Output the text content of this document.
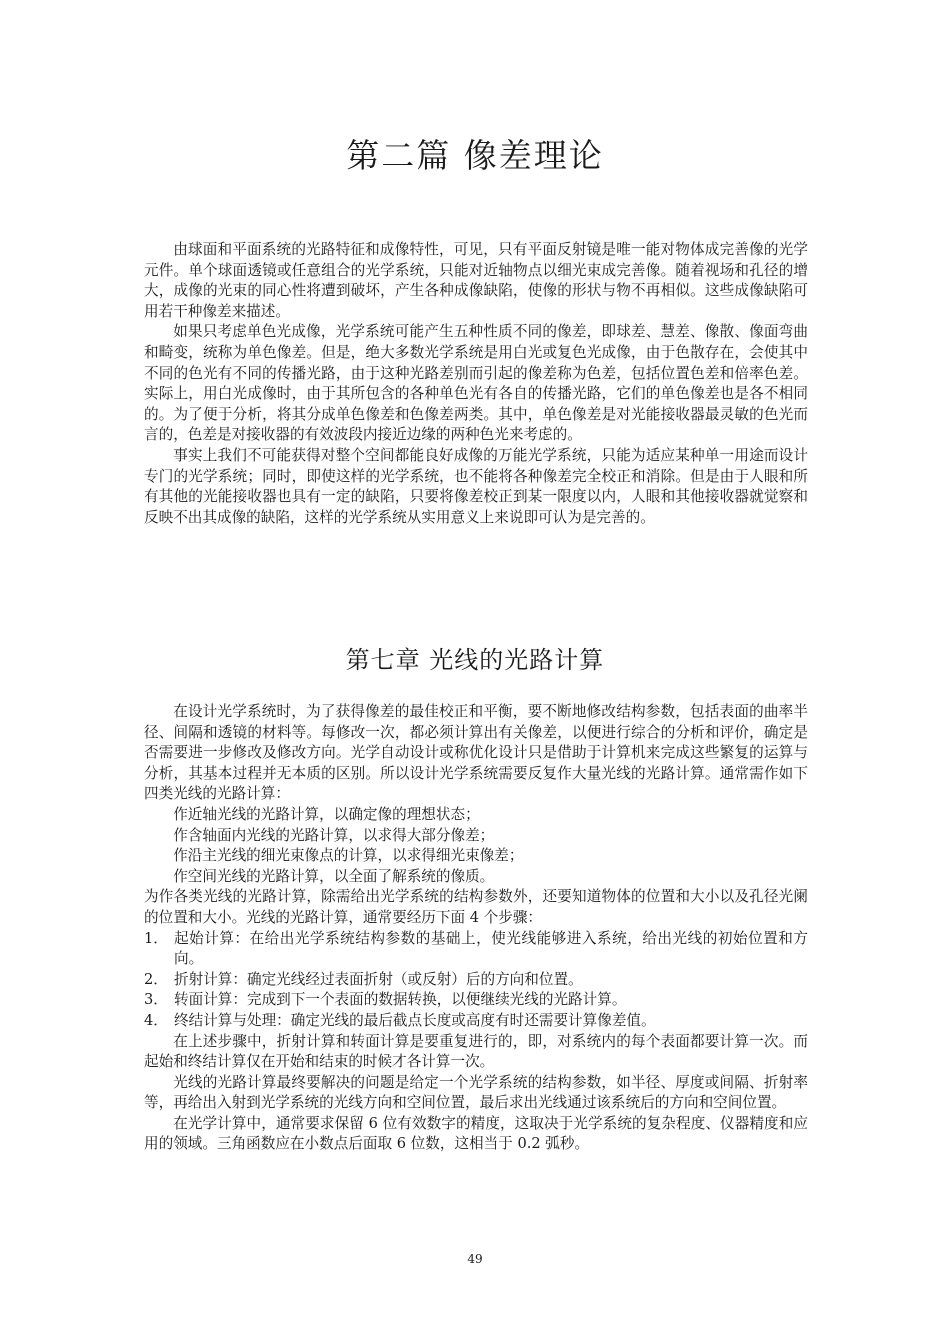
第二篇 像差理论

由球面和平面系统的光路特征和成像特性，可见，只有平面反射镜是唯一能对物体成完善像的光学元件。单个球面透镜或任意组合的光学系统，只能对近轴物点以细光束成完善像。随着视场和孔径的增大，成像的光束的同心性将遭到破坏，产生各种成像缺陷，使像的形状与物不再相似。这些成像缺陷可用若干种像差来描述。

如果只考虑单色光成像，光学系统可能产生五种性质不同的像差，即球差、慧差、像散、像面弯曲和畸变，统称为单色像差。但是，绝大多数光学系统是用白光或复色光成像，由于色散存在，会使其中不同的色光有不同的传播光路，由于这种光路差别而引起的像差称为色差，包括位置色差和倍率色差。实际上，用白光成像时，由于其所包含的各种单色光有各自的传播光路，它们的单色像差也是各不相同的。为了便于分析，将其分成单色像差和色像差两类。其中，单色像差是对光能接收器最灵敏的色光而言的，色差是对接收器的有效波段内接近边缘的两种色光来考虑的。

事实上我们不可能获得对整个空间都能良好成像的万能光学系统，只能为适应某种单一用途而设计专门的光学系统；同时，即使这样的光学系统，也不能将各种像差完全校正和消除。但是由于人眼和所有其他的光能接收器也具有一定的缺陷，只要将像差校正到某一限度以内，人眼和其他接收器就觉察和反映不出其成像的缺陷，这样的光学系统从实用意义上来说即可认为是完善的。

第七章 光线的光路计算

在设计光学系统时，为了获得像差的最佳校正和平衡，要不断地修改结构参数，包括表面的曲率半径、间隔和透镜的材料等。每修改一次，都必须计算出有关像差，以便进行综合的分析和评价，确定是否需要进一步修改及修改方向。光学自动设计或称优化设计只是借助于计算机来完成这些繁复的运算与分析，其基本过程并无本质的区别。所以设计光学系统需要反复作大量光线的光路计算。通常需作如下四类光线的光路计算：

作近轴光线的光路计算，以确定像的理想状态；

作含轴面内光线的光路计算，以求得大部分像差；

作沿主光线的细光束像点的计算，以求得细光束像差；

作空间光线的光路计算，以全面了解系统的像质。

为作各类光线的光路计算，除需给出光学系统的结构参数外，还要知道物体的位置和大小以及孔径光阑的位置和大小。光线的光路计算，通常要经历下面 4 个步骤：

1． 起始计算：在给出光学系统结构参数的基础上，使光线能够进入系统，给出光线的初始位置和方向。
2． 折射计算：确定光线经过表面折射（或反射）后的方向和位置。
3． 转面计算：完成到下一个表面的数据转换，以便继续光线的光路计算。
4． 终结计算与处理：确定光线的最后截点长度或高度有时还需要计算像差值。

在上述步骤中，折射计算和转面计算是要重复进行的，即，对系统内的每个表面都要计算一次。而起始和终结计算仅在开始和结束的时候才各计算一次。

光线的光路计算最终要解决的问题是给定一个光学系统的结构参数，如半径、厚度或间隔、折射率等，再给出入射到光学系统的光线方向和空间位置，最后求出光线通过该系统后的方向和空间位置。

在光学计算中，通常要求保留 6 位有效数字的精度，这取决于光学系统的复杂程度、仪器精度和应用的领域。三角函数应在小数点后面取 6 位数，这相当于 0.2 弧秒。

49
